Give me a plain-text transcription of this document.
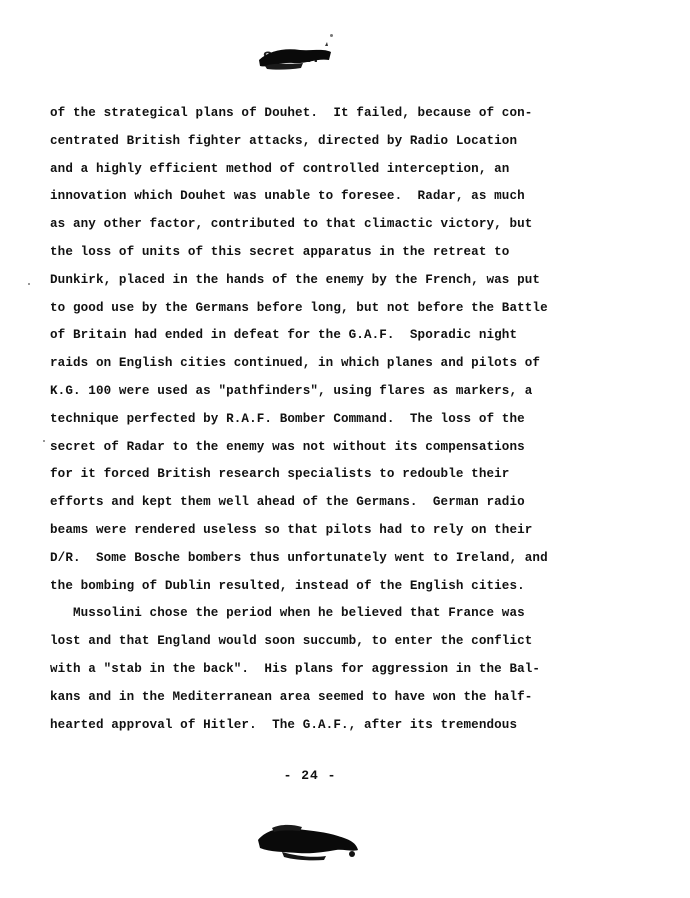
of the strategical plans of Douhet.  It failed, because of con-
centrated British fighter attacks, directed by Radio Location
and a highly efficient method of controlled interception, an
innovation which Douhet was unable to foresee.  Radar, as much
as any other factor, contributed to that climactic victory, but
the loss of units of this secret apparatus in the retreat to
Dunkirk, placed in the hands of the enemy by the French, was put
to good use by the Germans before long, but not before the Battle
of Britain had ended in defeat for the G.A.F.  Sporadic night
raids on English cities continued, in which planes and pilots of
K.G. 100 were used as "pathfinders", using flares as markers, a
technique perfected by R.A.F. Bomber Command.  The loss of the
secret of Radar to the enemy was not without its compensations
for it forced British research specialists to redouble their
efforts and kept them well ahead of the Germans.  German radio
beams were rendered useless so that pilots had to rely on their
D/R.  Some Bosche bombers thus unfortunately went to Ireland, and
the bombing of Dublin resulted, instead of the English cities.
Mussolini chose the period when he believed that France was
lost and that England would soon succumb, to enter the conflict
with a "stab in the back".  His plans for aggression in the Bal-
kans and in the Mediterranean area seemed to have won the half-
hearted approval of Hitler.  The G.A.F., after its tremendous
- 24 -
